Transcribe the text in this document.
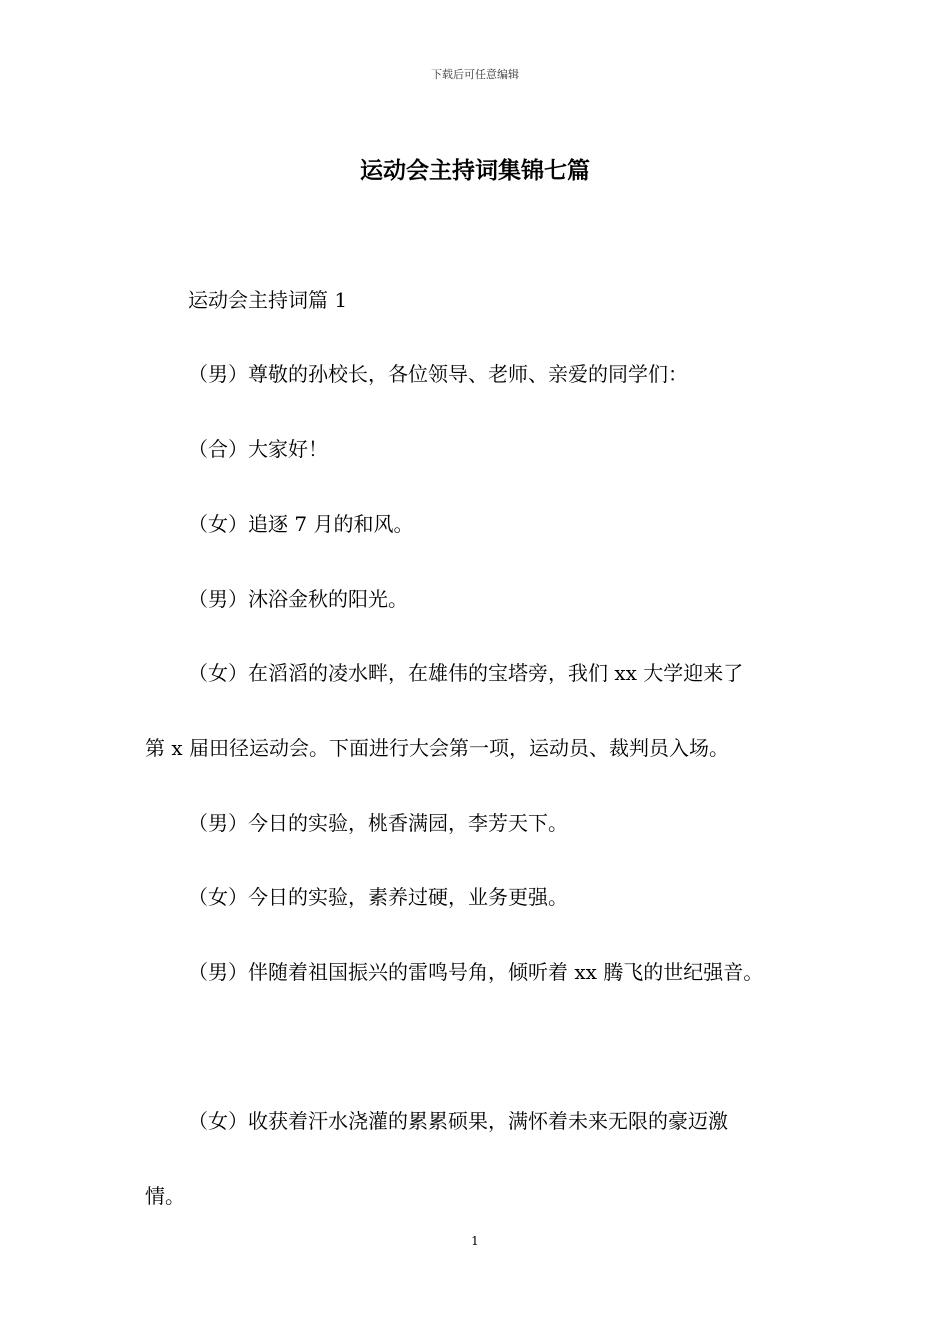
下载后可任意编辑
运动会主持词集锦七篇
运动会主持词篇 1
（男）尊敬的孙校长，各位领导、老师、亲爱的同学们：
（合）大家好！
（女）追逐 7 月的和风。
（男）沐浴金秋的阳光。
（女）在滔滔的凌水畔，在雄伟的宝塔旁，我们 xx 大学迎来了
第 x 届田径运动会。下面进行大会第一项，运动员、裁判员入场。
（男）今日的实验，桃香满园，李芳天下。
（女）今日的实验，素养过硬，业务更强。
（男）伴随着祖国振兴的雷鸣号角，倾听着 xx 腾飞的世纪强音。
（女）收获着汗水浇灌的累累硕果，满怀着未来无限的豪迈激
情。
1
